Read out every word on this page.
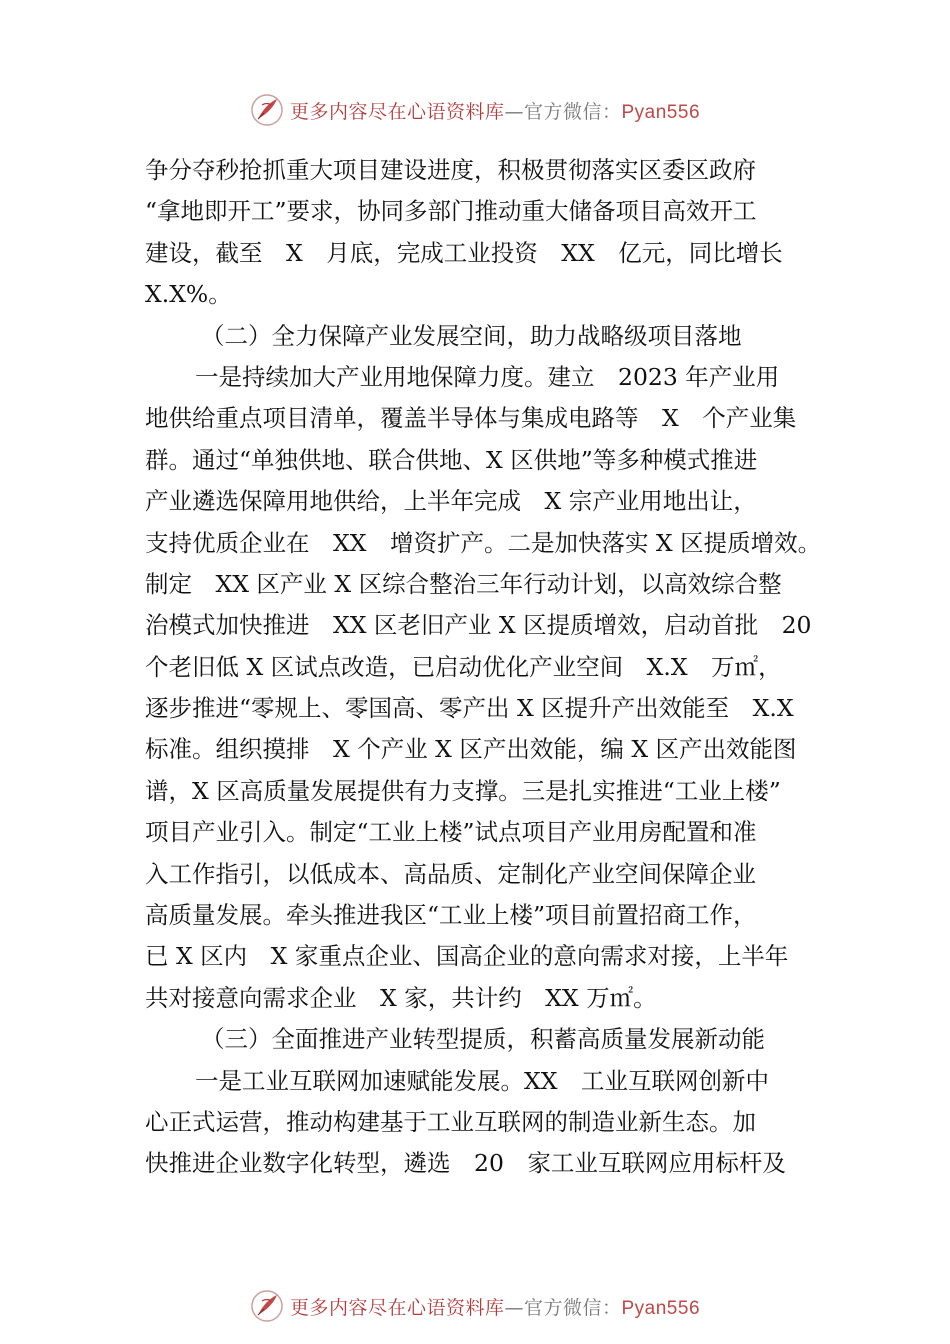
更多内容尽在心语资料库—官方微信：Pyan556
争分夺秒抢抓重大项目建设进度，积极贯彻落实区委区政府
“拿地即开工”要求，协同多部门推动重大储备项目高效开工
建设，截至　X　月底，完成工业投资　XX　亿元，同比增长
X.X%。
（二）全力保障产业发展空间，助力战略级项目落地
一是持续加大产业用地保障力度。建立　2023 年产业用
地供给重点项目清单，覆盖半导体与集成电路等　X　个产业集
群。通过“单独供地、联合供地、X 区供地”等多种模式推进
产业遴选保障用地供给，上半年完成　X 宗产业用地出让，
支持优质企业在　XX　增资扩产。二是加快落实 X 区提质增效。
制定　XX 区产业 X 区综合整治三年行动计划，以高效综合整
治模式加快推进　XX 区老旧产业 X 区提质增效，启动首批　20
个老旧低 X 区试点改造，已启动优化产业空间　X.X　万㎡，
逐步推进“零规上、零国高、零产出 X 区提升产出效能至　X.X
标准。组织摸排　X 个产业 X 区产出效能，编 X 区产出效能图
谱，X 区高质量发展提供有力支撑。三是扎实推进“工业上楼”
项目产业引入。制定“工业上楼”试点项目产业用房配置和准
入工作指引，以低成本、高品质、定制化产业空间保障企业
高质量发展。牵头推进我区“工业上楼”项目前置招商工作，
已 X 区内　X 家重点企业、国高企业的意向需求对接，上半年
共对接意向需求企业　X 家，共计约　XX 万㎡。
（三）全面推进产业转型提质，积蓄高质量发展新动能
一是工业互联网加速赋能发展。XX　工业互联网创新中
心正式运营，推动构建基于工业互联网的制造业新生态。加
快推进企业数字化转型，遴选　20　家工业互联网应用标杆及
更多内容尽在心语资料库—官方微信：Pyan556
